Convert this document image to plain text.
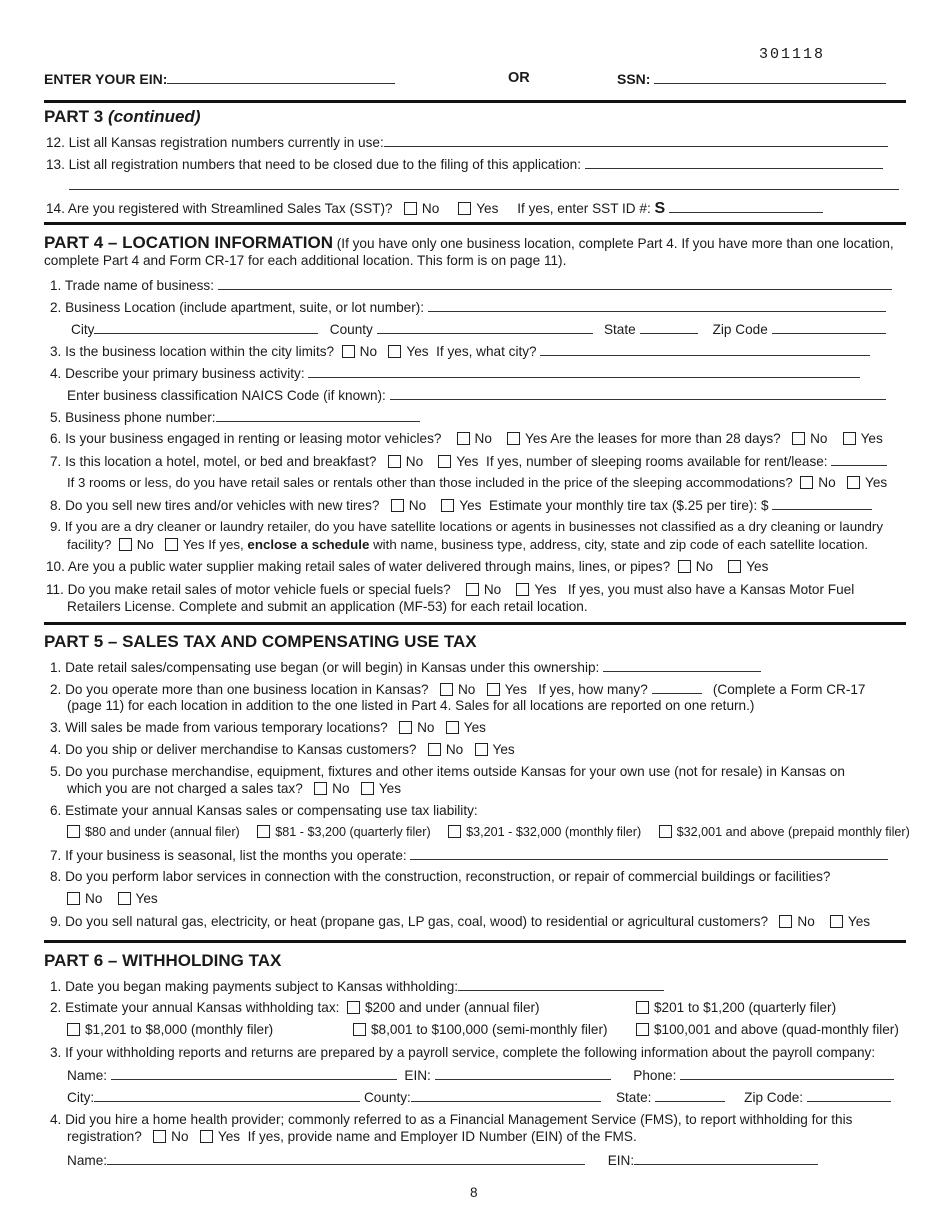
301118
ENTER YOUR EIN:	OR	SSN:
PART 3 (continued)
12. List all Kansas registration numbers currently in use:
13. List all registration numbers that need to be closed due to the filing of this application:
14. Are you registered with Streamlined Sales Tax (SST)? No	Yes If yes, enter SST ID #: S
PART 4 – LOCATION INFORMATION (If you have only one business location, complete Part 4. If you have more than one location,
complete Part 4 and Form CR-17 for each additional location. This form is on page 11).
1. Trade name of business:
2. Business Location (include apartment, suite, or lot number):
City	County	State	Zip Code
3. Is the business location within the city limits? No Yes If yes, what city?
4. Describe your primary business activity:
Enter business classification NAICS Code (if known):
5. Business phone number:
6. Is your business engaged in renting or leasing motor vehicles? No Yes Are the leases for more than 28 days? No Yes
7. Is this location a hotel, motel, or bed and breakfast? No Yes If yes, number of sleeping rooms available for rent/lease:
If 3 rooms or less, do you have retail sales or rentals other than those included in the price of the sleeping accommodations? No Yes
8. Do you sell new tires and/or vehicles with new tires? No Yes Estimate your monthly tire tax ($.25 per tire): $
9. If you are a dry cleaner or laundry retailer, do you have satellite locations or agents in businesses not classified as a dry cleaning or laundry
facility? No Yes If yes, enclose a schedule with name, business type, address, city, state and zip code of each satellite location.
10. Are you a public water supplier making retail sales of water delivered through mains, lines, or pipes? No Yes
11. Do you make retail sales of motor vehicle fuels or special fuels? No Yes If yes, you must also have a Kansas Motor Fuel
Retailers License. Complete and submit an application (MF-53) for each retail location.
PART 5 – SALES TAX AND COMPENSATING USE TAX
1. Date retail sales/compensating use began (or will begin) in Kansas under this ownership:
2. Do you operate more than one business location in Kansas? No Yes If yes, how many?	(Complete a Form CR-17
(page 11) for each location in addition to the one listed in Part 4. Sales for all locations are reported on one return.)
3. Will sales be made from various temporary locations? No Yes
4. Do you ship or deliver merchandise to Kansas customers? No Yes
5. Do you purchase merchandise, equipment, fixtures and other items outside Kansas for your own use (not for resale) in Kansas on
which you are not charged a sales tax? No Yes
6. Estimate your annual Kansas sales or compensating use tax liability:
$80 and under (annual filer)	$81 - $3,200 (quarterly filer)	$3,201 - $32,000 (monthly filer)	$32,001 and above (prepaid monthly filer)
7. If your business is seasonal, list the months you operate:
8. Do you perform labor services in connection with the construction, reconstruction, or repair of commercial buildings or facilities?
No Yes
9. Do you sell natural gas, electricity, or heat (propane gas, LP gas, coal, wood) to residential or agricultural customers? No Yes
PART 6 – WITHHOLDING TAX
1. Date you began making payments subject to Kansas withholding:
2. Estimate your annual Kansas withholding tax: $200 and under (annual filer)	$201 to $1,200 (quarterly filer)
$1,201 to $8,000 (monthly filer)	$8,001 to $100,000 (semi-monthly filer)	$100,001 and above (quad-monthly filer)
3. If your withholding reports and returns are prepared by a payroll service, complete the following information about the payroll company:
Name:	EIN:	Phone:
City:	County:	State:	Zip Code:
4. Did you hire a home health provider; commonly referred to as a Financial Management Service (FMS), to report withholding for this
registration? No Yes If yes, provide name and Employer ID Number (EIN) of the FMS.
Name:	EIN:
8
